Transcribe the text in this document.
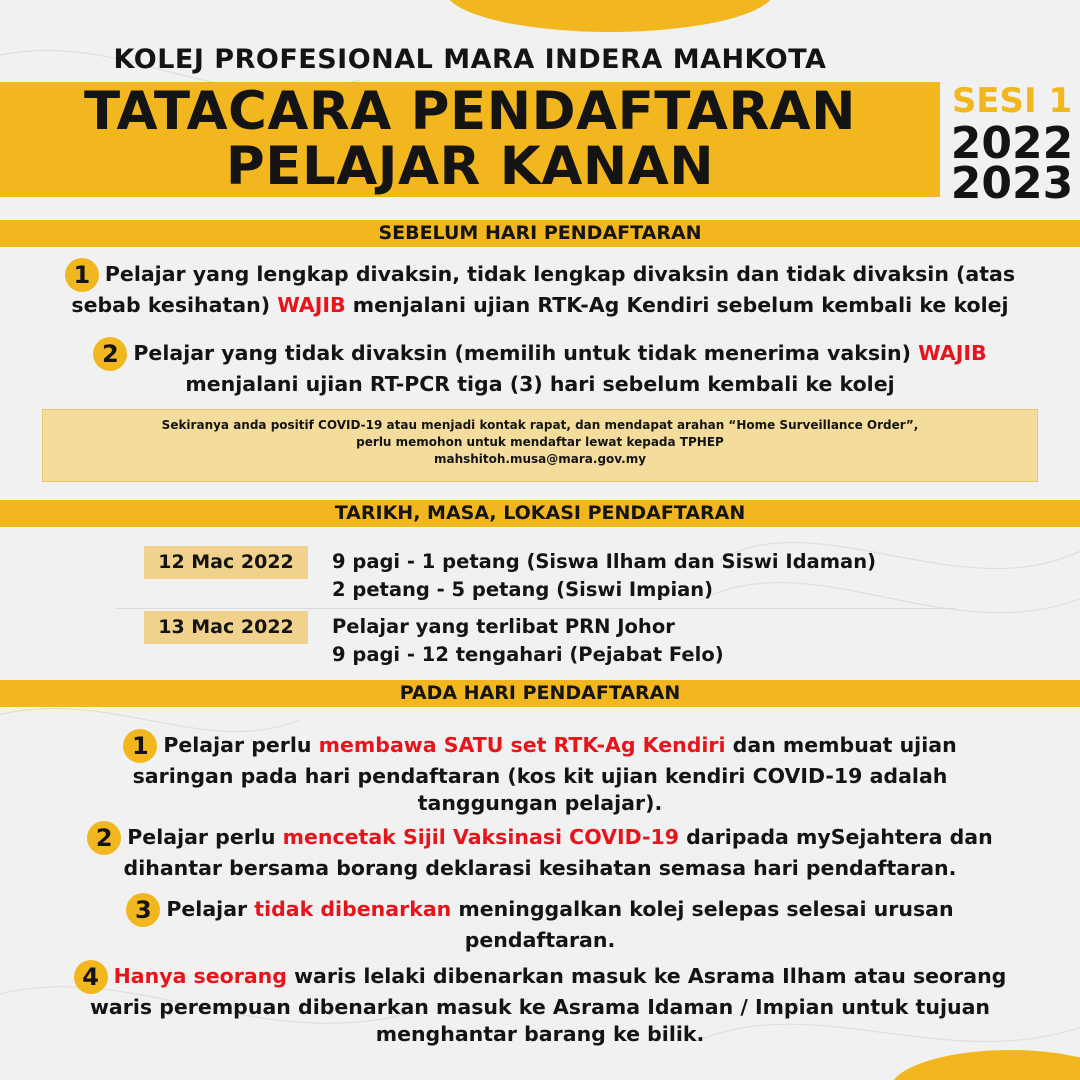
KOLEJ PROFESIONAL MARA INDERA MAHKOTA
TATACARA PENDAFTARAN
PELAJAR KANAN
SESI 1
2022
2023
SEBELUM HARI PENDAFTARAN
1 Pelajar yang lengkap divaksin, tidak lengkap divaksin dan tidak divaksin (atas
sebab kesihatan) WAJIB menjalani ujian RTK-Ag Kendiri sebelum kembali ke kolej
2 Pelajar yang tidak divaksin (memilih untuk tidak menerima vaksin) WAJIB
menjalani ujian RT-PCR tiga (3) hari sebelum kembali ke kolej
Sekiranya anda positif COVID-19 atau menjadi kontak rapat, dan mendapat arahan “Home Surveillance Order”,
perlu memohon untuk mendaftar lewat kepada TPHEP
mahshitoh.musa@mara.gov.my
TARIKH, MASA, LOKASI PENDAFTARAN
12 Mac 2022	9 pagi - 1 petang (Siswa Ilham dan Siswi Idaman)
2 petang - 5 petang (Siswi Impian)
13 Mac 2022	Pelajar yang terlibat PRN Johor
9 pagi - 12 tengahari (Pejabat Felo)
PADA HARI PENDAFTARAN
1 Pelajar perlu membawa SATU set RTK-Ag Kendiri dan membuat ujian
saringan pada hari pendaftaran (kos kit ujian kendiri COVID-19 adalah
tanggungan pelajar).
2 Pelajar perlu mencetak Sijil Vaksinasi COVID-19 daripada mySejahtera dan
dihantar bersama borang deklarasi kesihatan semasa hari pendaftaran.
3 Pelajar tidak dibenarkan meninggalkan kolej selepas selesai urusan
pendaftaran.
4 Hanya seorang waris lelaki dibenarkan masuk ke Asrama Ilham atau seorang
waris perempuan dibenarkan masuk ke Asrama Idaman / Impian untuk tujuan
menghantar barang ke bilik.
